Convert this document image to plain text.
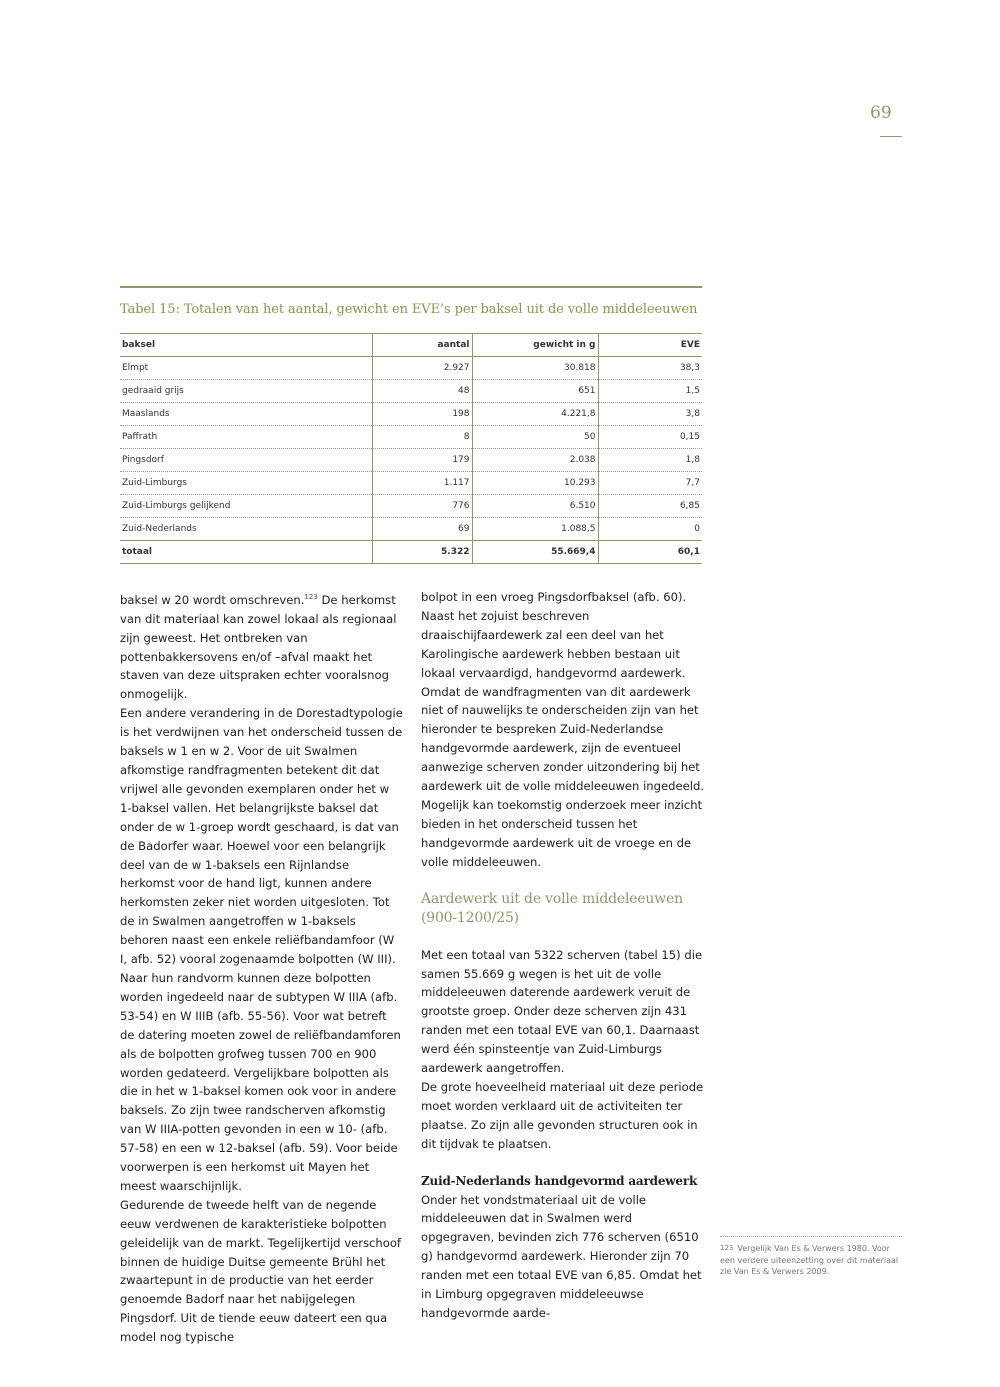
69
Tabel 15: Totalen van het aantal, gewicht en EVE’s per baksel uit de volle middeleeuwen
baksel	aantal	gewicht in g	EVE
Elmpt	2.927	30.818	38,3
gedraaid grijs	48	651	1,5
Maaslands	198	4.221,8	3,8
Paffrath	8	50	0,15
Pingsdorf	179	2.038	1,8
Zuid-Limburgs	1.117	10.293	7,7
Zuid-Limburgs gelijkend	776	6.510	6,85
Zuid-Nederlands	69	1.088,5	0
totaal	5.322	55.669,4	60,1

baksel w 20 wordt omschreven.$^{123}$ De herkomst van dit materiaal kan zowel lokaal als regionaal zijn geweest. Het ontbreken van pottenbakkersovens en/of –afval maakt het staven van deze uitspraken echter vooralsnog onmogelijk.

Een andere verandering in de Dorestadtypologie is het verdwijnen van het onderscheid tussen de baksels w 1 en w 2. Voor de uit Swalmen afkomstige randfragmenten betekent dit dat vrijwel alle gevonden exemplaren onder het w 1-baksel vallen. Het belangrijkste baksel dat onder de w 1-groep wordt geschaard, is dat van de Badorfer waar. Hoewel voor een belangrijk deel van de w 1-baksels een Rijnlandse herkomst voor de hand ligt, kunnen andere herkomsten zeker niet worden uitgesloten. Tot de in Swalmen aangetroffen w 1-baksels behoren naast een enkele reliëfbandamfoor (W I, afb. 52) vooral zogenaamde bolpotten (W III). Naar hun randvorm kunnen deze bolpotten worden ingedeeld naar de subtypen W IIIA (afb. 53-54) en W IIIB (afb. 55-56). Voor wat betreft de datering moeten zowel de reliëfbandamforen als de bolpotten grofweg tussen 700 en 900 worden gedateerd. Vergelijkbare bolpotten als die in het w 1-baksel komen ook voor in andere baksels. Zo zijn twee randscherven afkomstig van W IIIA-potten gevonden in een w 10- (afb. 57-58) en een w 12-baksel (afb. 59). Voor beide voorwerpen is een herkomst uit Mayen het meest waarschijnlijk.

Gedurende de tweede helft van de negende eeuw verdwenen de karakteristieke bolpotten geleidelijk van de markt. Tegelijkertijd verschoof binnen de huidige Duitse gemeente Brühl het zwaartepunt in de productie van het eerder genoemde Badorf naar het nabijgelegen Pingsdorf. Uit de tiende eeuw dateert een qua model nog typische

bolpot in een vroeg Pingsdorfbaksel (afb. 60). Naast het zojuist beschreven draaischijfaardewerk zal een deel van het Karolingische aardewerk hebben bestaan uit lokaal vervaardigd, handgevormd aardewerk. Omdat de wandfragmenten van dit aardewerk niet of nauwelijks te onderscheiden zijn van het hieronder te bespreken Zuid-Nederlandse handgevormde aardewerk, zijn de eventueel aanwezige scherven zonder uitzondering bij het aardewerk uit de volle middeleeuwen ingedeeld. Mogelijk kan toekomstig onderzoek meer inzicht bieden in het onderscheid tussen het handgevormde aardewerk uit de vroege en de volle middeleeuwen.

Aardewerk uit de volle middeleeuwen
(900-1200/25)

Met een totaal van 5322 scherven (tabel 15) die samen 55.669 g wegen is het uit de volle middeleeuwen daterende aardewerk veruit de grootste groep. Onder deze scherven zijn 431 randen met een totaal EVE van 60,1. Daarnaast werd één spinsteentje van Zuid-Limburgs aardewerk aangetroffen.

De grote hoeveelheid materiaal uit deze periode moet worden verklaard uit de activiteiten ter plaatse. Zo zijn alle gevonden structuren ook in dit tijdvak te plaatsen.

Zuid-Nederlands handgevormd aardewerk

Onder het vondstmateriaal uit de volle middeleeuwen dat in Swalmen werd opgegraven, bevinden zich 776 scherven (6510 g) handgevormd aardewerk. Hieronder zijn 70 randen met een totaal EVE van 6,85. Omdat het in Limburg opgegraven middeleeuwse handgevormde aarde-

123 Vergelijk Van Es & Verwers 1980. Voor een verdere uiteenzetting over dit materiaal zie Van Es & Verwers 2009.
